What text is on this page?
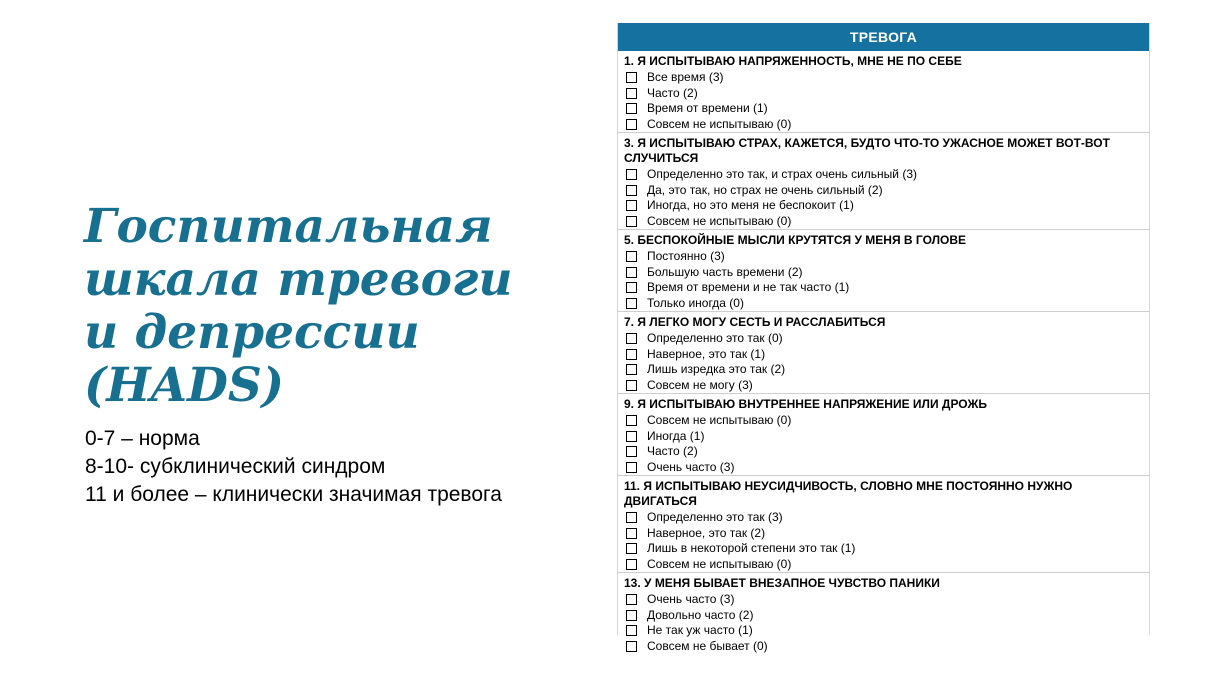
Госпитальная
шкала тревоги
и депрессии
(HADS)
0-7 – норма
8-10- субклинический синдром
11 и более – клинически значимая тревога
ТРЕВОГА
1. Я ИСПЫТЫВАЮ НАПРЯЖЕННОСТЬ, МНЕ НЕ ПО СЕБЕ
Все время (3)
Часто (2)
Время от времени (1)
Совсем не испытываю (0)
3. Я ИСПЫТЫВАЮ СТРАХ, КАЖЕТСЯ, БУДТО ЧТО-ТО УЖАСНОЕ МОЖЕТ ВОТ-ВОТ СЛУЧИТЬСЯ
Определенно это так, и страх очень сильный (3)
Да, это так, но страх не очень сильный (2)
Иногда, но это меня не беспокоит (1)
Совсем не испытываю (0)
5. БЕСПОКОЙНЫЕ МЫСЛИ КРУТЯТСЯ У МЕНЯ В ГОЛОВЕ
Постоянно (3)
Большую часть времени (2)
Время от времени и не так часто (1)
Только иногда (0)
7. Я ЛЕГКО МОГУ СЕСТЬ И РАССЛАБИТЬСЯ
Определенно это так (0)
Наверное, это так (1)
Лишь изредка это так (2)
Совсем не могу (3)
9. Я ИСПЫТЫВАЮ ВНУТРЕННЕЕ НАПРЯЖЕНИЕ ИЛИ ДРОЖЬ
Совсем не испытываю (0)
Иногда (1)
Часто (2)
Очень часто (3)
11. Я ИСПЫТЫВАЮ НЕУСИДЧИВОСТЬ, СЛОВНО МНЕ ПОСТОЯННО НУЖНО ДВИГАТЬСЯ
Определенно это так (3)
Наверное, это так (2)
Лишь в некоторой степени это так (1)
Совсем не испытываю (0)
13. У МЕНЯ БЫВАЕТ ВНЕЗАПНОЕ ЧУВСТВО ПАНИКИ
Очень часто (3)
Довольно часто (2)
Не так уж часто (1)
Совсем не бывает (0)
